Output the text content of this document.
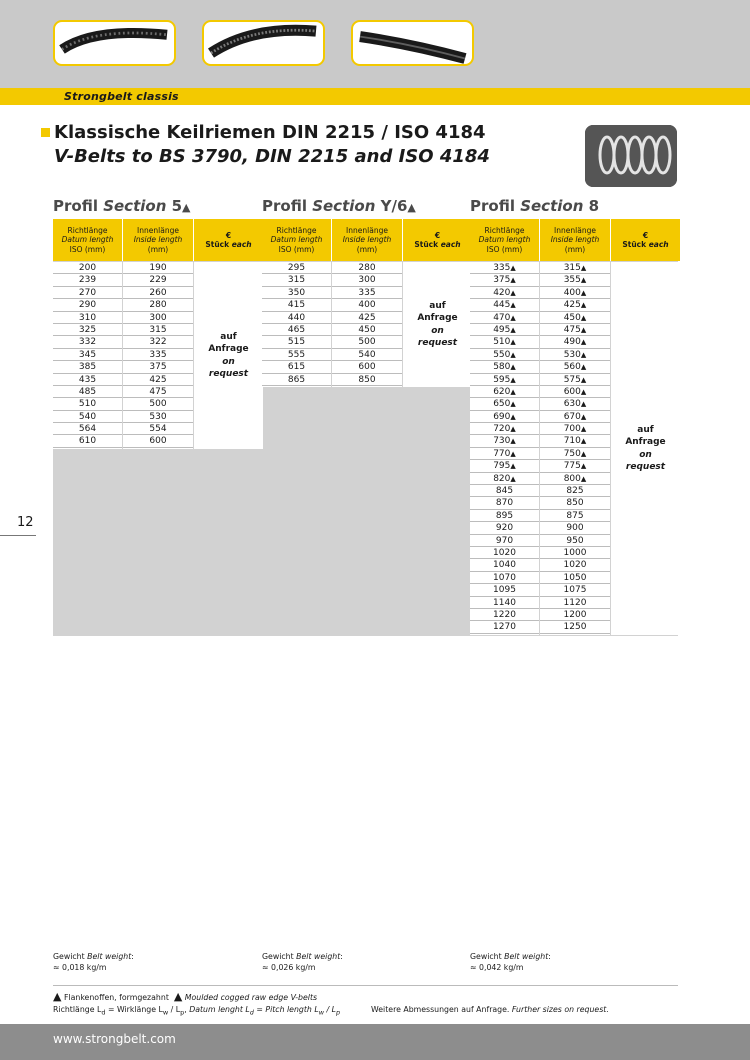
Strongbelt classis
Klassische Keilriemen DIN 2215 / ISO 4184
V-Belts to BS 3790, DIN 2215 and ISO 4184
Profil Section 5▲
Richtlänge
Datum length
ISO (mm)
Innenlänge
Inside length
(mm)
€
Stück each
200
239
270
290
310
325
332
345
385
435
485
510
540
564
610
190
229
260
280
300
315
322
335
375
425
475
500
530
554
600
auf
Anfrage
on
request
Profil Section Y/6▲
Richtlänge
Datum length
ISO (mm)
Innenlänge
Inside length
(mm)
€
Stück each
295
315
350
415
440
465
515
555
615
865
280
300
335
400
425
450
500
540
600
850
auf
Anfrage
on
request
Profil Section 8
Richtlänge
Datum length
ISO (mm)
Innenlänge
Inside length
(mm)
€
Stück each
335▲
375▲
420▲
445▲
470▲
495▲
510▲
550▲
580▲
595▲
620▲
650▲
690▲
720▲
730▲
770▲
795▲
820▲
845
870
895
920
970
1020
1040
1070
1095
1140
1220
1270
315▲
355▲
400▲
425▲
450▲
475▲
490▲
530▲
560▲
575▲
600▲
630▲
670▲
700▲
710▲
750▲
775▲
800▲
825
850
875
900
950
1000
1020
1050
1075
1120
1200
1250
auf
Anfrage
on
request
12
Gewicht Belt weight:
≈ 0,018 kg/m
Gewicht Belt weight:
≈ 0,026 kg/m
Gewicht Belt weight:
≈ 0,042 kg/m
▲ Flankenoffen, formgezahnt ▲ Moulded cogged raw edge V-belts
Richtlänge $L_d$ = Wirklänge $L_w / L_p$, Datum lenght $L_d$ = Pitch length $L_w / L_p$	Weitere Abmessungen auf Anfrage. Further sizes on request.
www.strongbelt.com
